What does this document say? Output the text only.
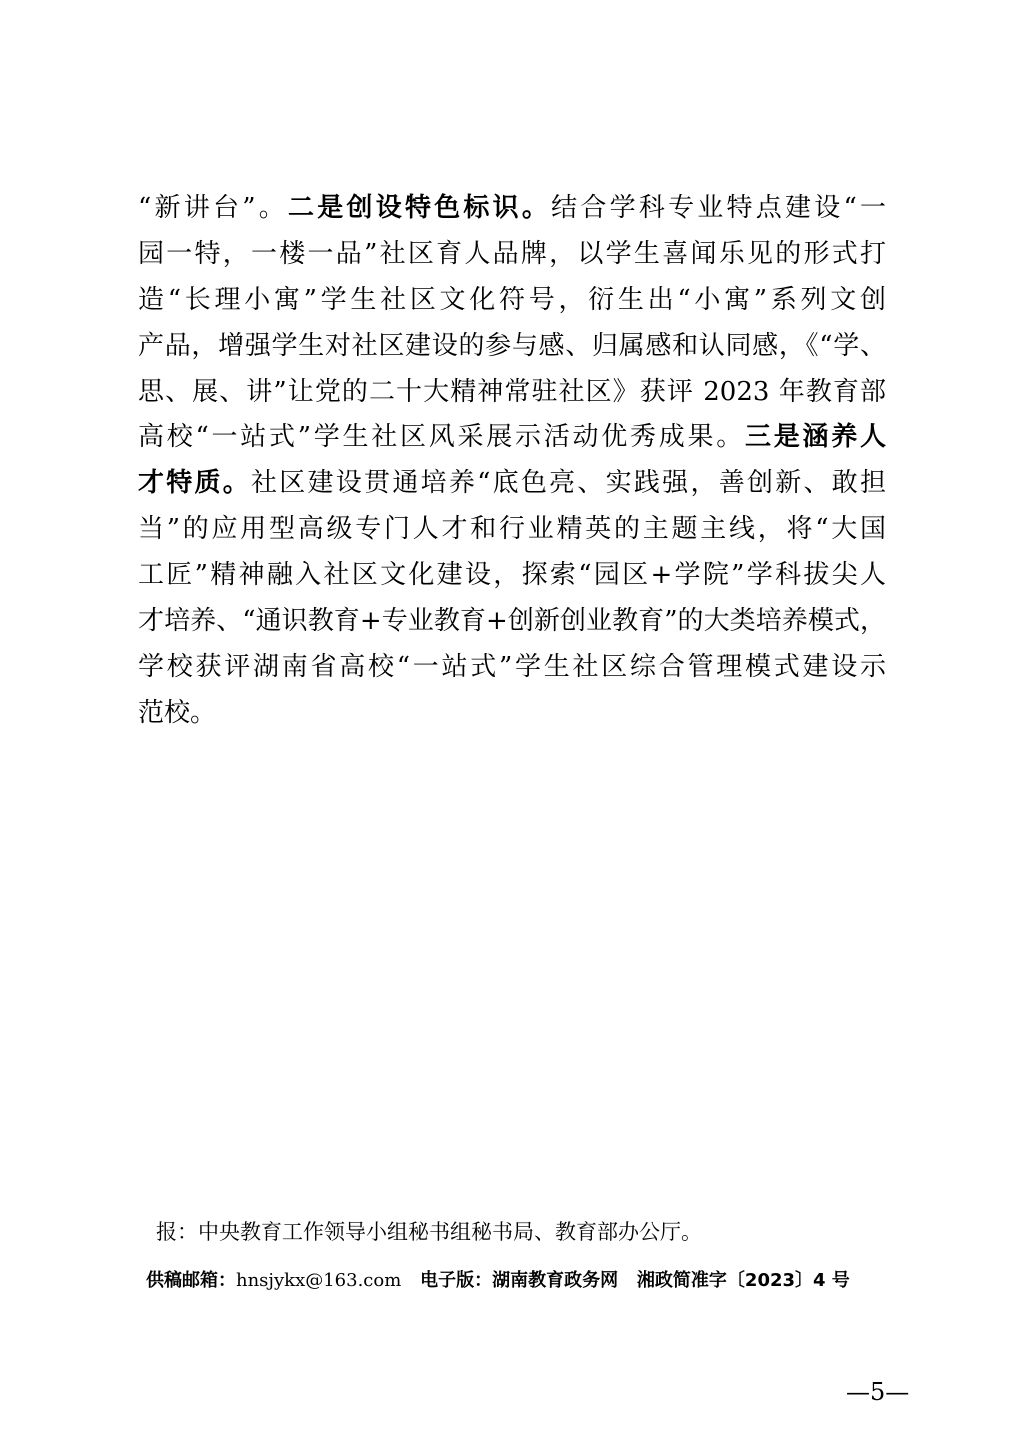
“新讲台”。二是创设特色标识。结合学科专业特点建设“一
园一特，一楼一品”社区育人品牌，以学生喜闻乐见的形式打
造“长理小寓”学生社区文化符号，衍生出“小寓”系列文创
产品，增强学生对社区建设的参与感、归属感和认同感，《“学、
思、展、讲”让党的二十大精神常驻社区》获评 2023 年教育部
高校“一站式”学生社区风采展示活动优秀成果。三是涵养人
才特质。社区建设贯通培养“底色亮、实践强，善创新、敢担
当”的应用型高级专门人才和行业精英的主题主线，将“大国
工匠”精神融入社区文化建设，探索“园区+学院”学科拔尖人
才培养、“通识教育+专业教育+创新创业教育”的大类培养模式，
学校获评湖南省高校“一站式”学生社区综合管理模式建设示
范校。
报：中央教育工作领导小组秘书组秘书局、教育部办公厅。
供稿邮箱：hnsjykx@163.com 电子版：湖南教育政务网 湘政简准字〔2023〕4 号
—5—
